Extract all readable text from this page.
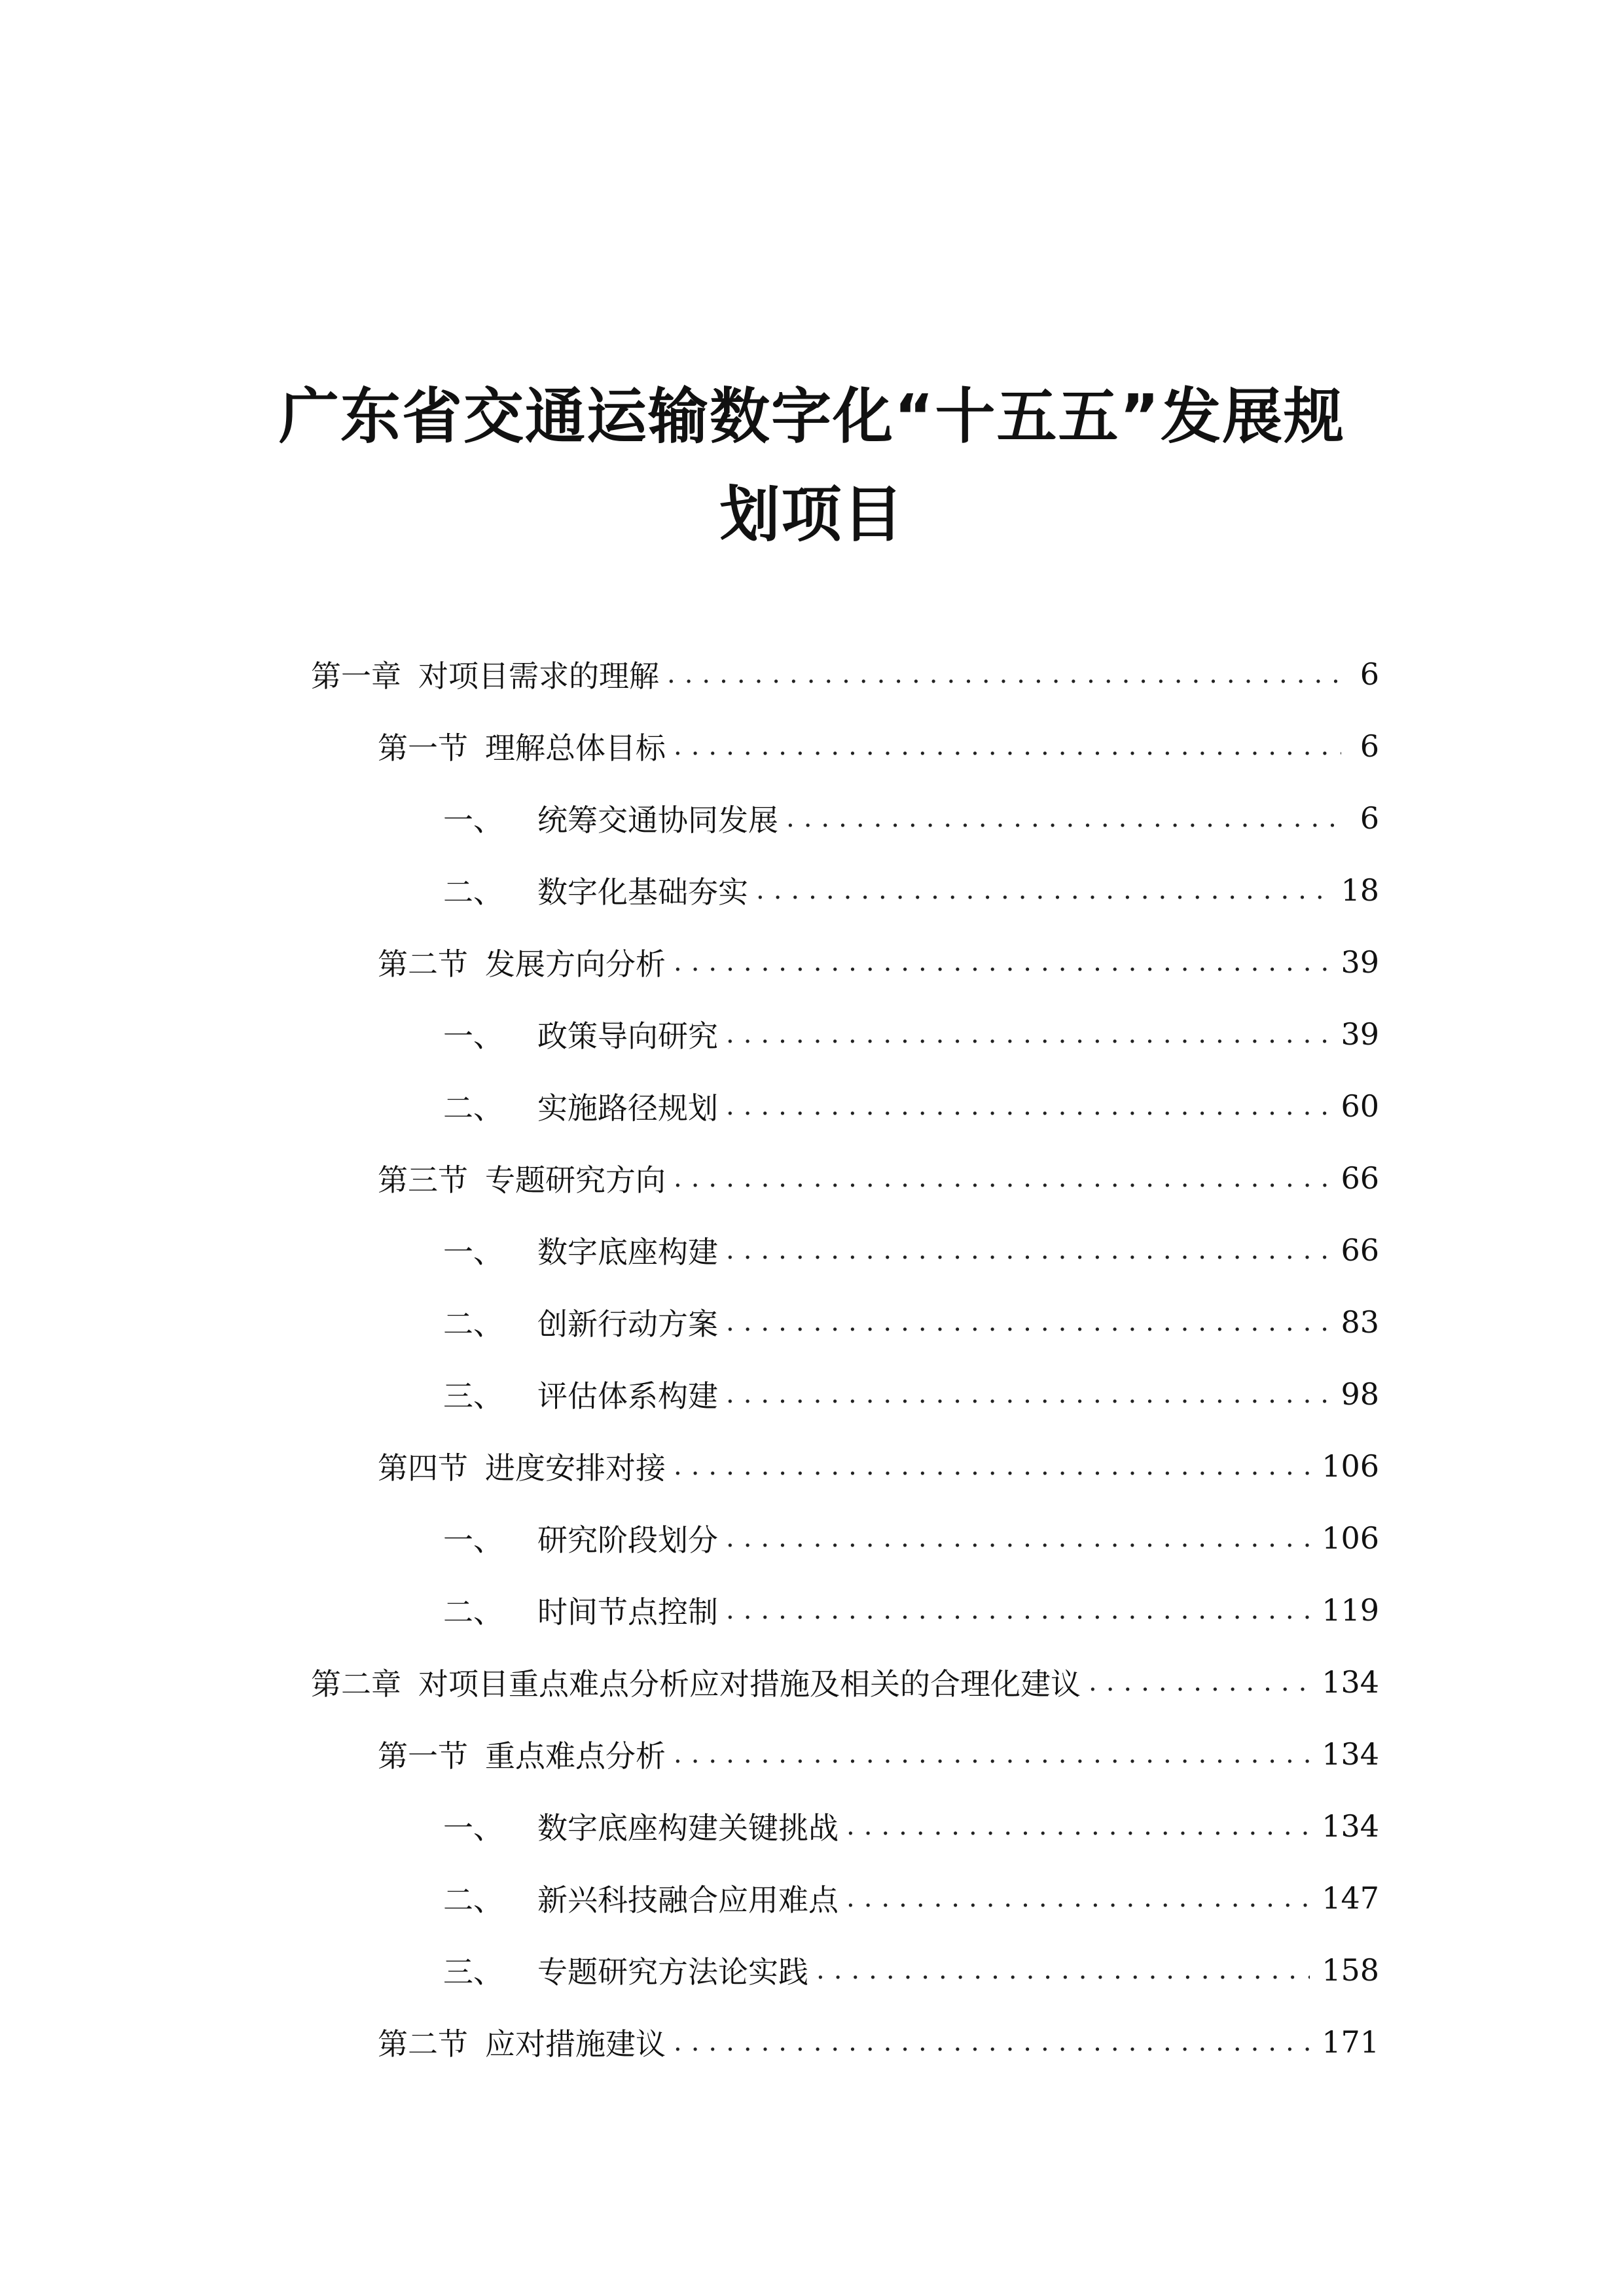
广东省交通运输数字化“十五五”发展规
划项目
第一章 对项目需求的理解 .....	6
第一节 理解总体目标 .....	6
一、 统筹交通协同发展 .....	6
二、 数字化基础夯实 .....	18
第二节 发展方向分析 .....	39
一、 政策导向研究 .....	39
二、 实施路径规划 .....	60
第三节 专题研究方向 .....	66
一、 数字底座构建 .....	66
二、 创新行动方案 .....	83
三、 评估体系构建 .....	98
第四节 进度安排对接 .....	106
一、 研究阶段划分 .....	106
二、 时间节点控制 .....	119
第二章 对项目重点难点分析应对措施及相关的合理化建议 .....	134
第一节 重点难点分析 .....	134
一、 数字底座构建关键挑战 .....	134
二、 新兴科技融合应用难点 .....	147
三、 专题研究方法论实践 .....	158
第二节 应对措施建议 .....	171
